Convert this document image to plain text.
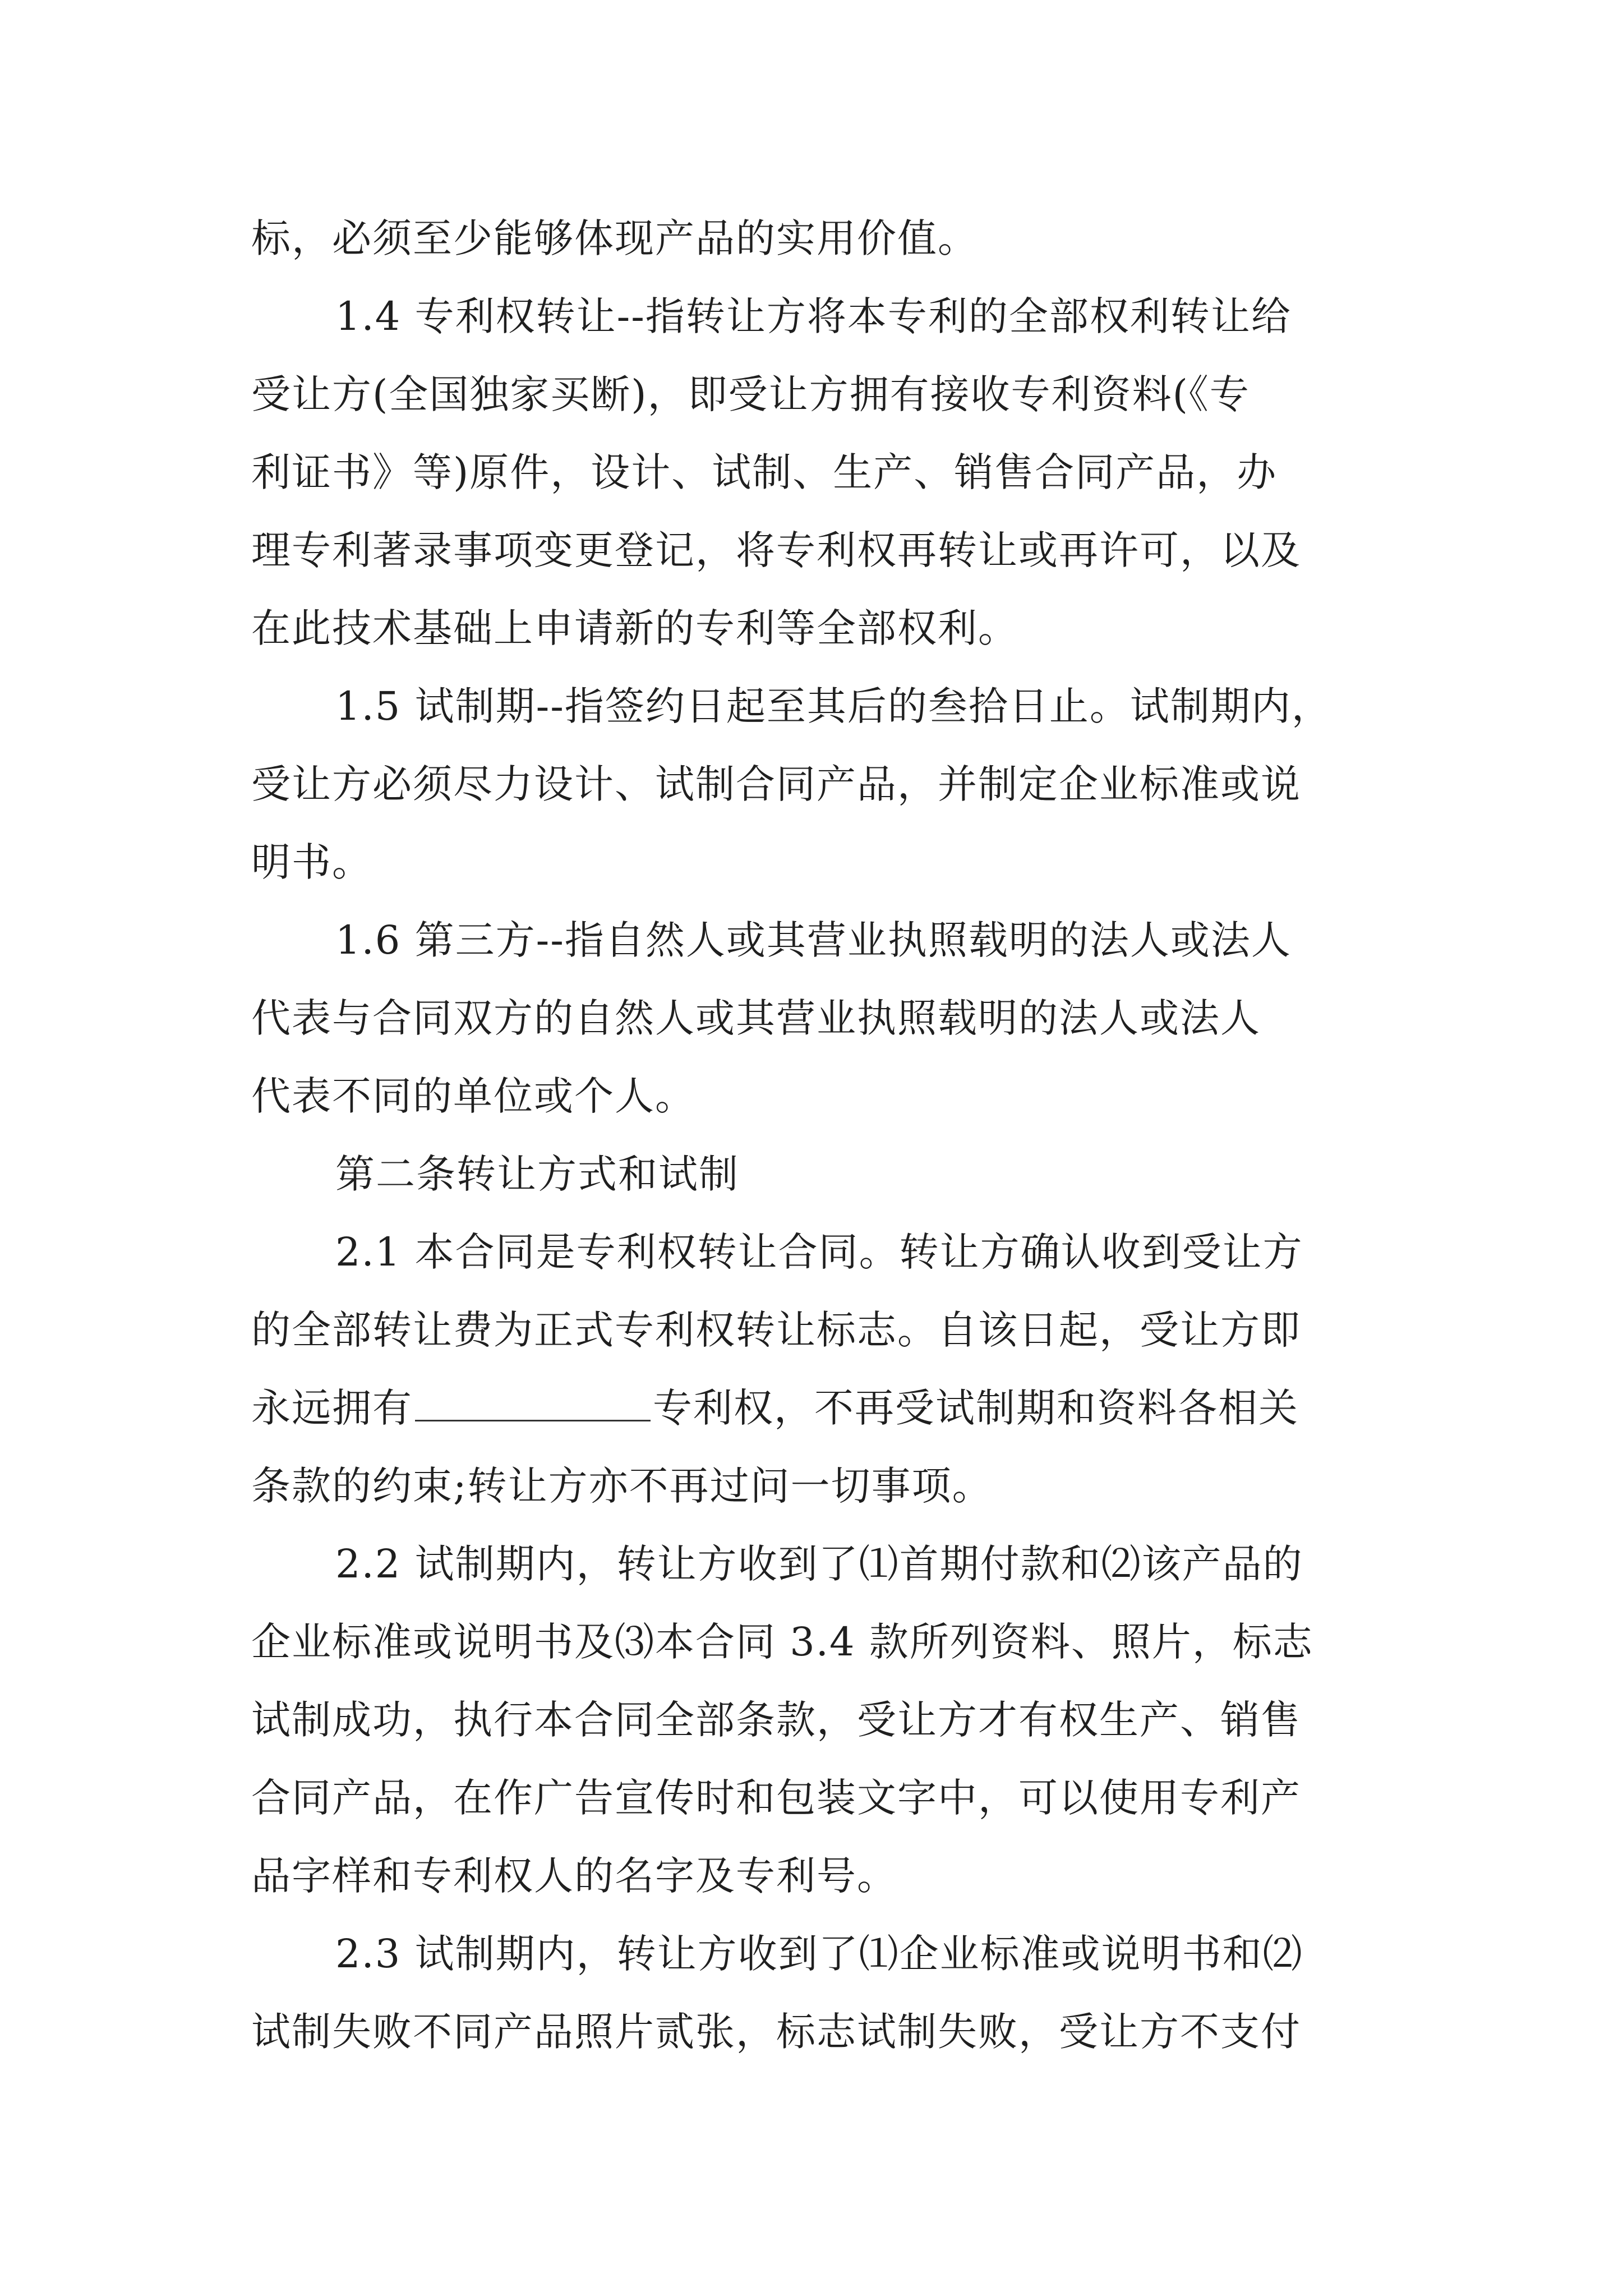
标，必须至少能够体现产品的实用价值。
1.4 专利权转让--指转让方将本专利的全部权利转让给
受让方(全国独家买断)，即受让方拥有接收专利资料(《专
利证书》等)原件，设计、试制、生产、销售合同产品，办
理专利著录事项变更登记，将专利权再转让或再许可，以及
在此技术基础上申请新的专利等全部权利。
1.5 试制期--指签约日起至其后的叁拾日止。试制期内，
受让方必须尽力设计、试制合同产品，并制定企业标准或说
明书。
1.6 第三方--指自然人或其营业执照载明的法人或法人
代表与合同双方的自然人或其营业执照载明的法人或法人
代表不同的单位或个人。
第二条转让方式和试制
2.1 本合同是专利权转让合同。转让方确认收到受让方
的全部转让费为正式专利权转让标志。自该日起，受让方即
永远拥有	专利权，不再受试制期和资料各相关
条款的约束;转让方亦不再过问一切事项。
2.2 试制期内，转让方收到了⑴首期付款和⑵该产品的
企业标准或说明书及⑶本合同 3.4 款所列资料、照片，标志
试制成功，执行本合同全部条款，受让方才有权生产、销售
合同产品，在作广告宣传时和包装文字中，可以使用专利产
品字样和专利权人的名字及专利号。
2.3 试制期内，转让方收到了⑴企业标准或说明书和⑵
试制失败不同产品照片贰张，标志试制失败，受让方不支付
